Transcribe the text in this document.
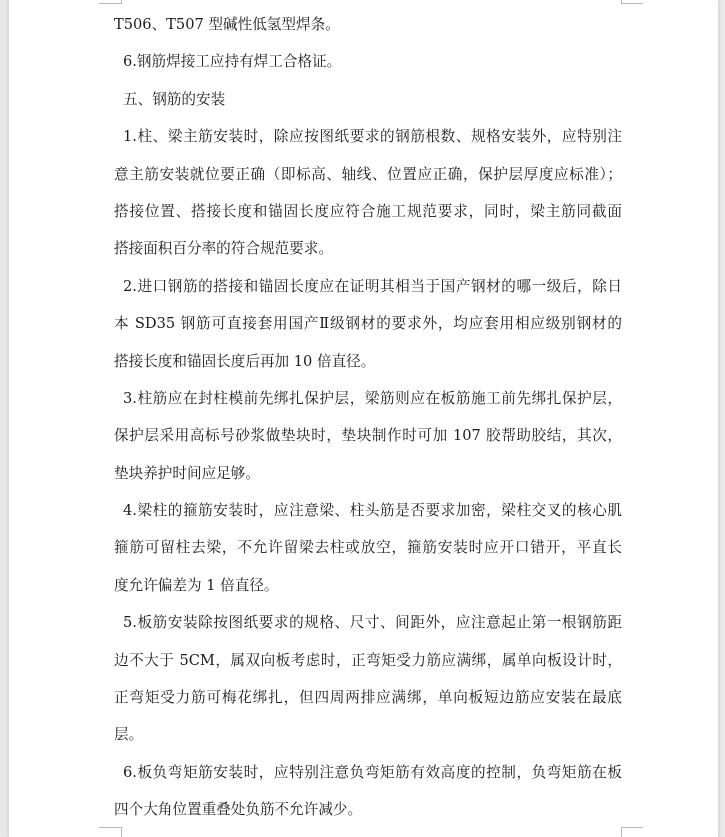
T506、T507 型碱性低氢型焊条。
6.钢筋焊接工应持有焊工合格证。
五、钢筋的安装
1.柱、梁主筋安装时，除应按图纸要求的钢筋根数、规格安装外，应特别注
意主筋安装就位要正确（即标高、轴线、位置应正确，保护层厚度应标准）；
搭接位置、搭接长度和锚固长度应符合施工规范要求，同时，梁主筋同截面
搭接面积百分率的符合规范要求。
2.进口钢筋的搭接和锚固长度应在证明其相当于国产钢材的哪一级后，除日
本 SD35 钢筋可直接套用国产Ⅱ级钢材的要求外，均应套用相应级别钢材的
搭接长度和锚固长度后再加 10 倍直径。
3.柱筋应在封柱模前先绑扎保护层，梁筋则应在板筋施工前先绑扎保护层，
保护层采用高标号砂浆做垫块时，垫块制作时可加 107 胶帮助胶结，其次，
垫块养护时间应足够。
4.梁柱的箍筋安装时，应注意梁、柱头筋是否要求加密，梁柱交叉的核心肌
箍筋可留柱去梁，不允许留梁去柱或放空，箍筋安装时应开口错开，平直长
度允许偏差为 1 倍直径。
5.板筋安装除按图纸要求的规格、尺寸、间距外，应注意起止第一根钢筋距
边不大于 5CM，属双向板考虑时，正弯矩受力筋应满绑，属单向板设计时，
正弯矩受力筋可梅花绑扎，但四周两排应满绑，单向板短边筋应安装在最底
层。
6.板负弯矩筋安装时，应特别注意负弯矩筋有效高度的控制，负弯矩筋在板
四个大角位置重叠处负筋不允许减少。
